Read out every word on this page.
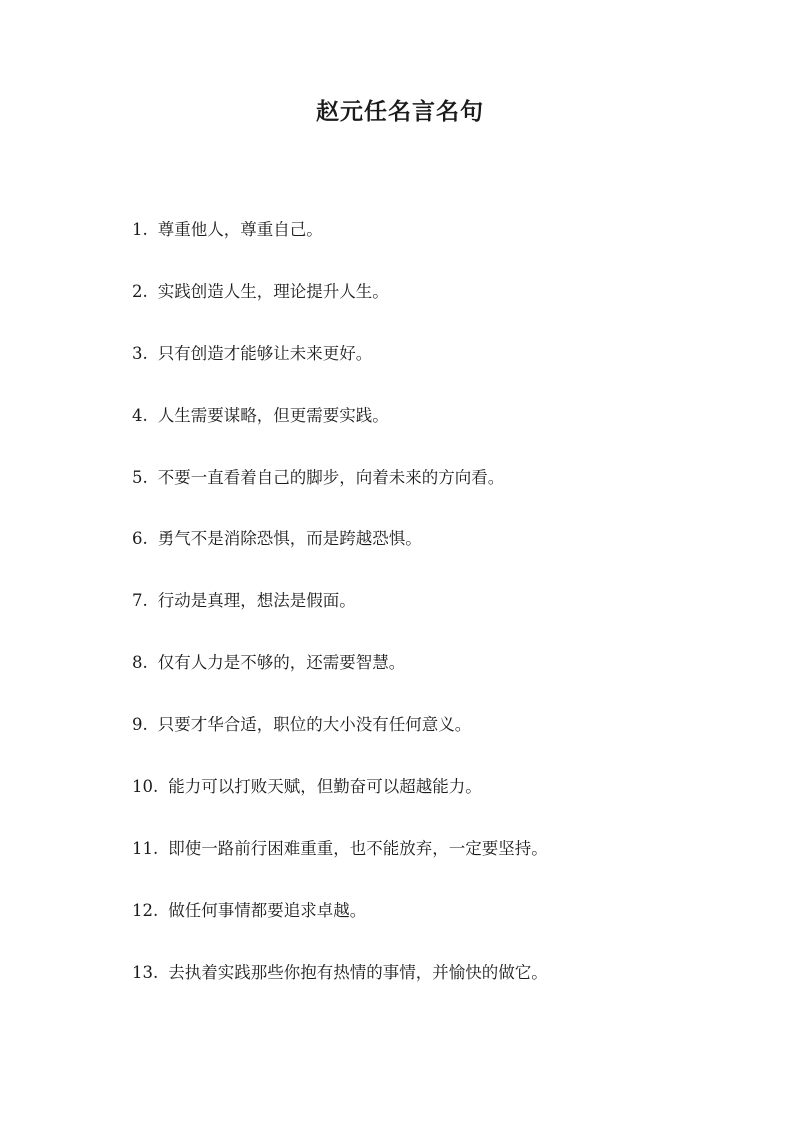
赵元任名言名句
1. 尊重他人，尊重自己。
2. 实践创造人生，理论提升人生。
3. 只有创造才能够让未来更好。
4. 人生需要谋略，但更需要实践。
5. 不要一直看着自己的脚步，向着未来的方向看。
6. 勇气不是消除恐惧，而是跨越恐惧。
7. 行动是真理，想法是假面。
8. 仅有人力是不够的，还需要智慧。
9. 只要才华合适，职位的大小没有任何意义。
10. 能力可以打败天赋，但勤奋可以超越能力。
11. 即使一路前行困难重重，也不能放弃，一定要坚持。
12. 做任何事情都要追求卓越。
13. 去执着实践那些你抱有热情的事情，并愉快的做它。
